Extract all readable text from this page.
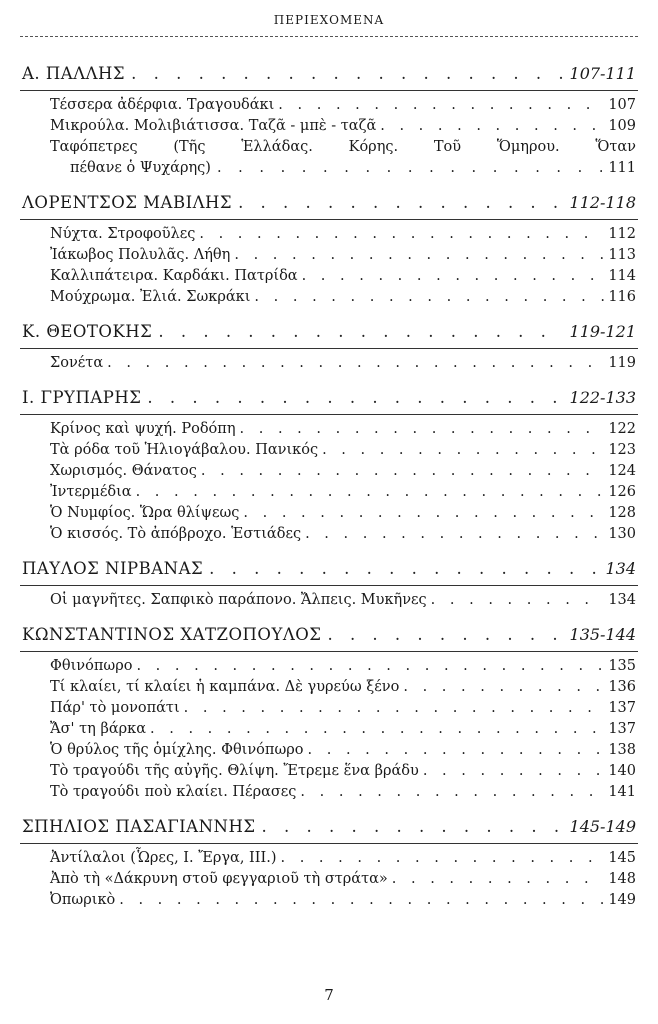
ΠΕΡΙΕΧΟΜΕΝΑ
Α. ΠΑΛΛΗΣ . . .	107-111
Τέσσερα ἀδέρφια. Τραγουδάκι . . .	107
Μικρούλα. Μολιβιάτισσα. Ταζᾶ - μπὲ - ταζᾶ . . .	109
Ταφόπετρες (Τῆς Ἑλλάδας. Κόρης. Τοῦ Ὅμηρου. Ὅταν
πέθανε ὁ Ψυχάρης) . . .	111
ΛΟΡΕΝΤΣΟΣ ΜΑΒΙΛΗΣ . . .	112-118
Νύχτα. Στροφοῦλες . . .	112
Ἰάκωβος Πολυλᾶς. Λήθη . . .	113
Καλλιπάτειρα. Καρδάκι. Πατρίδα . . .	114
Μούχρωμα. Ἐλιά. Σωκράκι . . .	116
Κ. ΘΕΟΤΟΚΗΣ . . .	119-121
Σονέτα . . .	119
Ι. ΓΡΥΠΑΡΗΣ . . .	122-133
Κρίνος καὶ ψυχή. Ροδόπη . . .	122
Τὰ ρόδα τοῦ Ἡλιογάβαλου. Πανικός . . .	123
Χωρισμός. Θάνατος . . .	124
Ἰντερμέδια . . .	126
Ὁ Νυμφίος. Ὥρα θλίψεως . . .	128
Ὁ κισσός. Τὸ ἀπόβροχο. Ἑστιάδες . . .	130
ΠΑΥΛΟΣ ΝΙΡΒΑΝΑΣ . . .	134
Οἱ μαγνῆτες. Σαπφικὸ παράπονο. Ἄλπεις. Μυκῆνες . . .	134
ΚΩΝΣΤΑΝΤΙΝΟΣ ΧΑΤΖΟΠΟΥΛΟΣ . . .	135-144
Φθινόπωρο . . .	135
Τί κλαίει, τί κλαίει ἡ καμπάνα. Δὲ γυρεύω ξένο . . .	136
Πάρ' τὸ μονοπάτι . . .	137
Ἄσ' τη βάρκα . . .	137
Ὁ θρύλος τῆς ὁμίχλης. Φθινόπωρο . . .	138
Τὸ τραγούδι τῆς αὐγῆς. Θλίψη. Ἔτρεμε ἕνα βράδυ . . .	140
Τὸ τραγούδι ποὺ κλαίει. Πέρασες . . .	141
ΣΠΗΛΙΟΣ ΠΑΣΑΓΙΑΝΝΗΣ . . .	145-149
Ἀντίλαλοι (Ὧρες, Ι. Ἔργα, ΙΙΙ.) . . .	145
Ἀπὸ τὴ «Δάκρυνη στοῦ φεγγαριοῦ τὴ στράτα» . . .	148
Ὀπωρικὸ . . .	149
7
